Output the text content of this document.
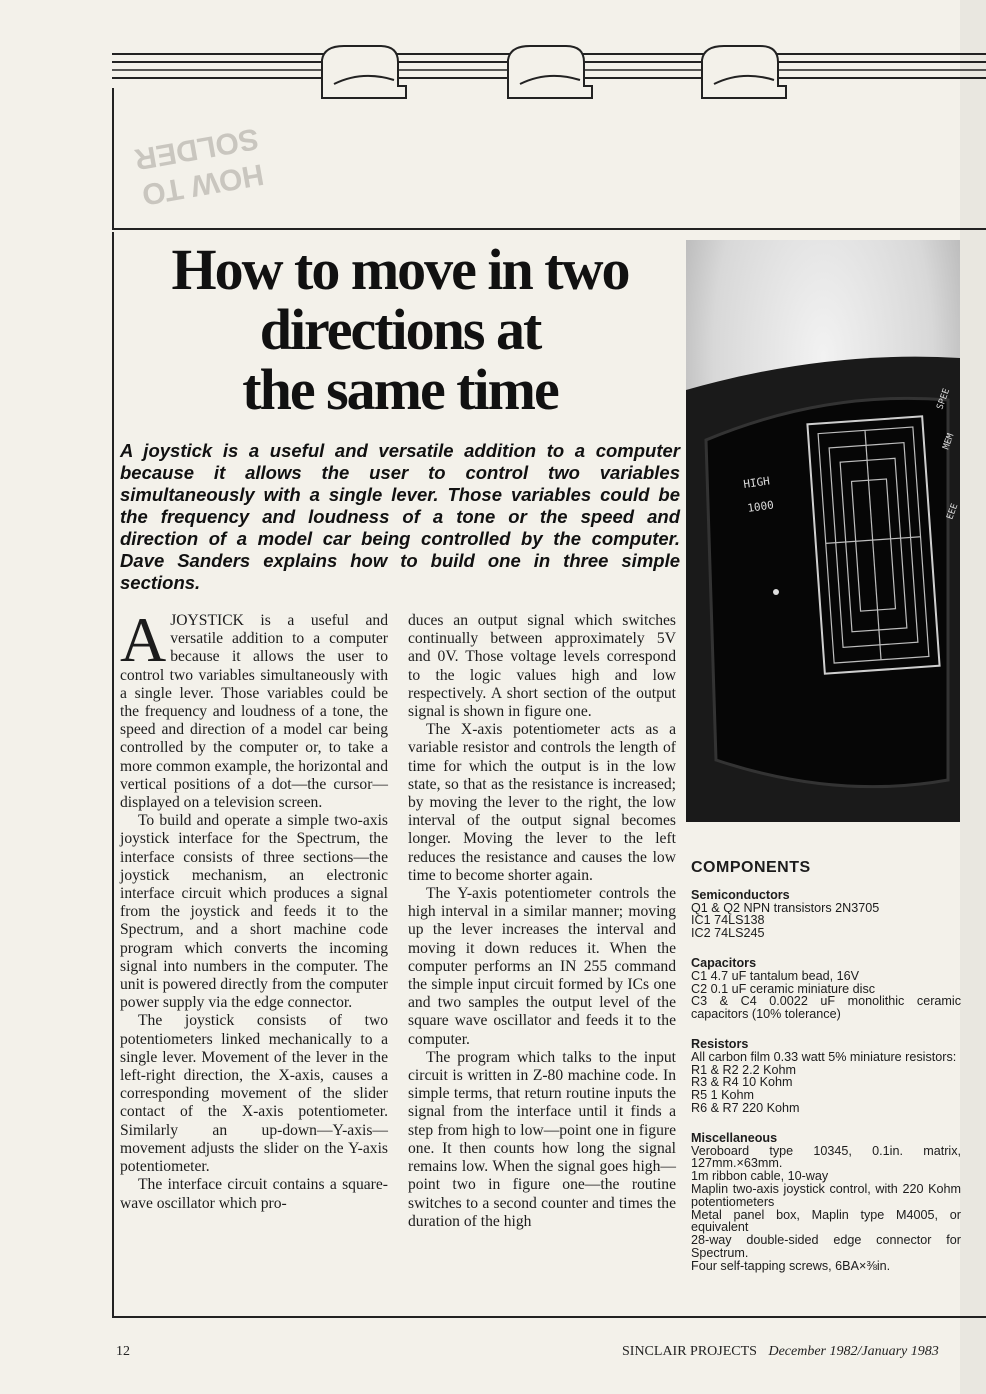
HOW TO SOLDER
How to move in two
directions at
the same time
A joystick is a useful and versatile addition to a computer because it allows the user to control two variables simultaneously with a single lever. Those variables could be the frequency and loudness of a tone or the speed and direction of a model car being controlled by the computer. Dave Sanders explains how to build one in three simple sections.
HIGH
1000
SPEE
MEM
EEE

AJOYSTICK is a useful and versatile addition to a computer because it allows the user to control two variables simultaneously with a single lever. Those variables could be the frequency and loudness of a tone, the speed and direction of a model car being controlled by the computer or, to take a more common example, the horizontal and vertical positions of a dot—the cursor—displayed on a television screen.

To build and operate a simple two-axis joystick interface for the Spectrum, the interface consists of three sections—the joystick mechanism, an electronic interface circuit which produces a signal from the joystick and feeds it to the Spectrum, and a short machine code program which converts the incoming signal into numbers in the computer. The unit is powered directly from the computer power supply via the edge connector.

The joystick consists of two potentiometers linked mechanically to a single lever. Movement of the lever in the left-right direction, the X-axis, causes a corresponding movement of the slider contact of the X-axis potentiometer. Similarly an up-down—Y-axis—movement adjusts the slider on the Y-axis potentiometer.

The interface circuit contains a square-wave oscillator which pro-

duces an output signal which switches continually between approximately 5V and 0V. Those voltage levels correspond to the logic values high and low respectively. A short section of the output signal is shown in figure one.

The X-axis potentiometer acts as a variable resistor and controls the length of time for which the output is in the low state, so that as the resistance is increased; by moving the lever to the right, the low interval of the output signal becomes longer. Moving the lever to the left reduces the resistance and causes the low time to become shorter again.

The Y-axis potentiometer controls the high interval in a similar manner; moving up the lever increases the interval and moving it down reduces it. When the computer performs an IN 255 command the simple input circuit formed by ICs one and two samples the output level of the square wave oscillator and feeds it to the computer.

The program which talks to the input circuit is written in Z-80 machine code. In simple terms, that return routine inputs the signal from the interface until it finds a step from high to low—point one in figure one. It then counts how long the signal remains low. When the signal goes high—point two in figure one—the routine switches to a second counter and times the duration of the high

COMPONENTS
Semiconductors
Q1 & Q2 NPN transistors 2N3705
IC1 74LS138
IC2 74LS245
Capacitors
C1 4.7 uF tantalum bead, 16V
C2 0.1 uF ceramic miniature disc
C3 & C4 0.0022 uF monolithic ceramic capacitors (10% tolerance)
Resistors
All carbon film 0.33 watt 5% miniature resistors:
R1 & R2 2.2 Kohm
R3 & R4 10 Kohm
R5 1 Kohm
R6 & R7 220 Kohm
Miscellaneous
Veroboard type 10345, 0.1in. matrix, 127mm.×63mm.
1m ribbon cable, 10-way
Maplin two-axis joystick control, with 220 Kohm potentiometers
Metal panel box, Maplin type M4005, or equivalent
28-way double-sided edge connector for Spectrum.
Four self-tapping screws, 6BA×⅜in.
12	SINCLAIR PROJECTS December 1982/January 1983
